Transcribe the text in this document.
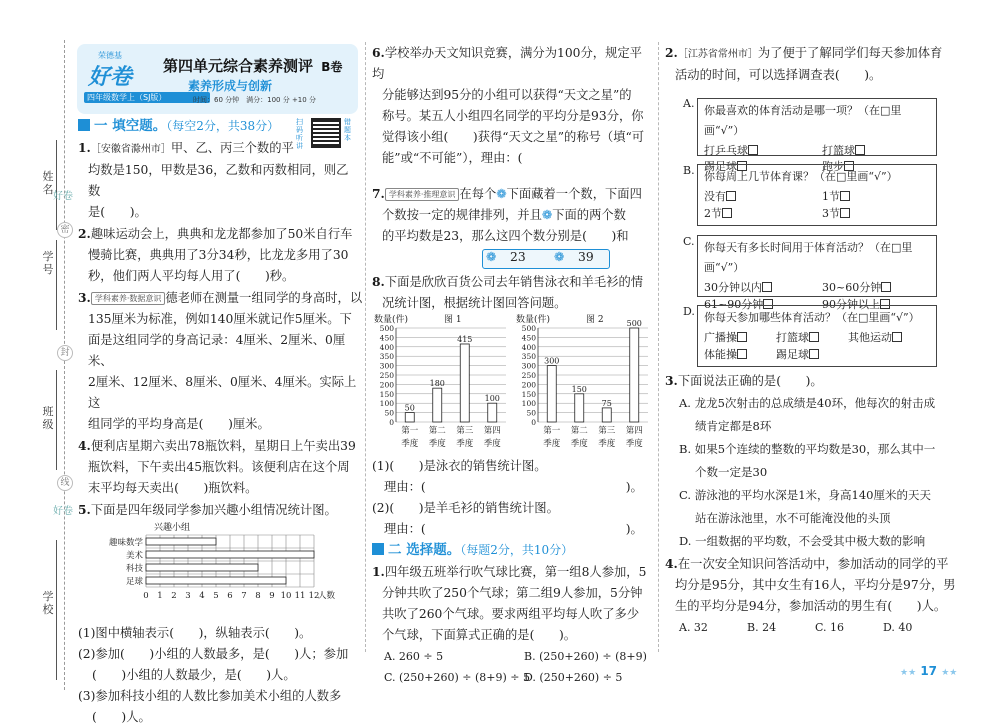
姓名
好卷
密
学号
封
班级
线
好卷
学校
荣德基
好卷
四年级数学上（SJ版）
第四单元综合素养测评 B卷
素养形成与创新
时间：60 分钟　满分：100 分 +10 分
扫码听讲
错题本

一 填空题。（每空2分，共38分）

1.［安徽省滁州市］甲、乙、丙三个数的平

均数是150，甲数是36，乙数和丙数相同，则乙数

是(　　)。

2.趣味运动会上，典典和龙龙都参加了50米自行车

慢骑比赛，典典用了3分34秒，比龙龙多用了30

秒，他们两人平均每人用了(　　)秒。

3. 学科素养·数据意识 德老师在测量一组同学的身高时，以

135厘米为标准，例如140厘米就记作5厘米。下

面是这组同学的身高记录：4厘米、2厘米、0厘米、

2厘米、12厘米、8厘米、0厘米、4厘米。实际上这

组同学的平均身高是(　　)厘米。

4.便利店星期六卖出78瓶饮料，星期日上午卖出39

瓶饮料，下午卖出45瓶饮料。该便利店在这个周

末平均每天卖出(　　)瓶饮料。

5.下面是四年级同学参加兴趣小组情况统计图。

兴趣小组
0 1 2 3 4 5 6 7 8 9 10 11 12
人数
趣味数学
美术
科技
足球

(1)图中横轴表示(　　)，纵轴表示(　　)。

(2)参加(　　)小组的人数最多，是(　　)人；参加

(　　)小组的人数最少，是(　　)人。

(3)参加科技小组的人数比参加美术小组的人数多

(　　)人。

6.学校举办天文知识竞赛，满分为100分，规定平均

分能够达到95分的小组可以获得“天文之星”的

称号。某五人小组四名同学的平均分是93分，你

觉得该小组(　　)获得“天文之星”的称号（填“可

能”或“不可能”），理由：(

7. 学科素养·推理意识 在每个❁下面藏着一个数，下面四

个数按一定的规律排列，并且❁下面的两个数

的平均数是23，那么这四个数分别是(　　)和

❁ 23 ❁ 39

8.下面是欣欣百货公司去年销售泳衣和羊毛衫的情

况统计图，根据统计图回答问题。

数量(件)	图 1
0
50
100
150
200
250
300
350
400
450
500
50
第一
季度
180
第二
季度
415
第三
季度
100
第四
季度
数量(件)	图 2
0
50
100
150
200
250
300
350
400
450
500
300
第一
季度
150
第二
季度
75
第三
季度
500
第四
季度

(1)(　　)是泳衣的销售统计图。

理由：(	)。

(2)(　　)是羊毛衫的销售统计图。

理由：(	)。

二 选择题。（每题2分，共10分）

1.四年级五班举行吹气球比赛，第一组8人参加，5

分钟共吹了250个气球；第二组9人参加，5分钟

共吹了260个气球。要求两组平均每人吹了多少

个气球，下面算式正确的是(　　)。

A. 260 ÷ 5	B. (250+260) ÷ (8+9)

C. (250+260) ÷ (8+9) ÷ 5D. (250+260) ÷ 5

2.［江苏省常州市］为了便于了解同学们每天参加体育

活动的时间，可以选择调查表(　　)。

A.
你最喜欢的体育活动是哪一项？（在□里画“√”）
打乒乓球	打篮球
踢足球	跑步
B. 你每周上几节体育课？（在□里画“√”）
没有	1节
2节	3节
C. 你每天有多长时间用于体育活动？（在□里画“√”）
30分钟以内	30~60分钟
61~90分钟	90分钟以上
D. 你每天参加哪些体育活动？（在□里画“√”）
广播操	打篮球	其他运动
体能操	踢足球

3.下面说法正确的是(　　)。

A. 龙龙5次射击的总成绩是40环，他每次的射击成

绩肯定都是8环

B. 如果5个连续的整数的平均数是30，那么其中一

个数一定是30

C. 游泳池的平均水深是1米，身高140厘米的天天

站在游泳池里，水不可能淹没他的头顶

D. 一组数据的平均数，不会受其中极大数的影响

4.在一次安全知识问答活动中，参加活动的同学的平

均分是95分，其中女生有16人，平均分是97分，男

生的平均分是94分，参加活动的男生有(　　)人。

A. 32	B. 24	C. 16	D. 40

★★ 17 ★★
